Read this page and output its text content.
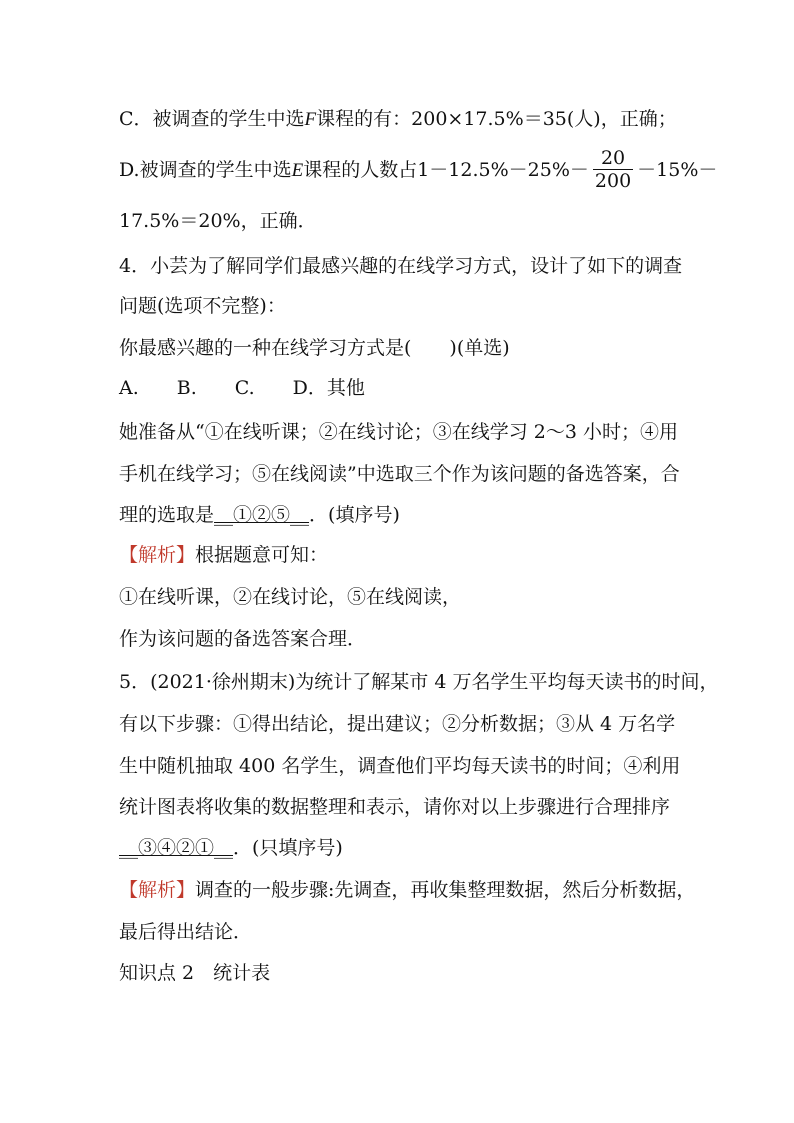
C．被调查的学生中选F课程的有：200×17.5%＝35(人)，正确；
D.被调查的学生中选E课程的人数占$1-12.5\%-25\%- \frac{20}{200} -15\%-$
17.5%＝20%，正确．
4．小芸为了解同学们最感兴趣的在线学习方式，设计了如下的调查
问题(选项不完整)：
你最感兴趣的一种在线学习方式是(　　)(单选)
A.　　B.　　C.　　D．其他
她准备从“①在线听课；②在线讨论；③在线学习 2～3 小时；④用
手机在线学习；⑤在线阅读”中选取三个作为该问题的备选答案，合
理的选取是__①②⑤__．(填序号)
【解析】根据题意可知：
①在线听课，②在线讨论，⑤在线阅读，
作为该问题的备选答案合理．
5．(2021·徐州期末)为统计了解某市 4 万名学生平均每天读书的时间，
有以下步骤：①得出结论，提出建议；②分析数据；③从 4 万名学
生中随机抽取 400 名学生，调查他们平均每天读书的时间；④利用
统计图表将收集的数据整理和表示，请你对以上步骤进行合理排序
__③④②①__．(只填序号)
【解析】调查的一般步骤:先调查，再收集整理数据，然后分析数据，
最后得出结论．
知识点 2　统计表
